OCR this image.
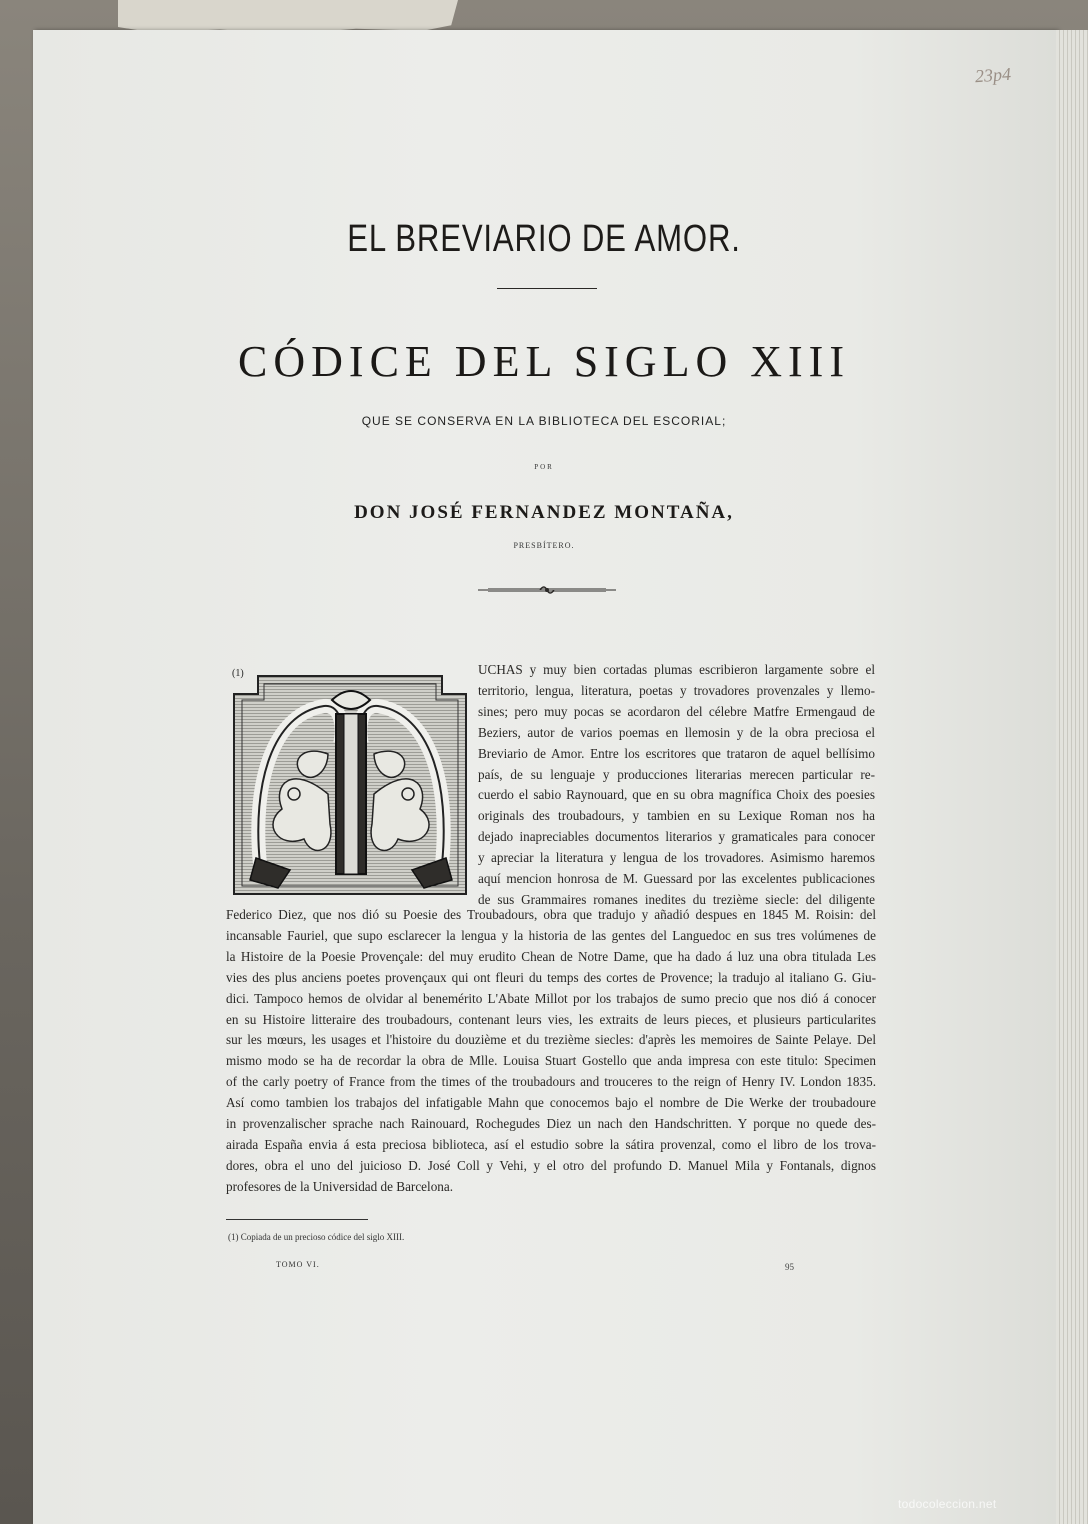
23p4
EL BREVIARIO DE AMOR.
CÓDICE DEL SIGLO XIII
QUE SE CONSERVA EN LA BIBLIOTECA DEL ESCORIAL;
POR
DON JOSÉ FERNANDEZ MONTAÑA,
PRESBÍTERO.
(1)	UCHAS y muy bien cortadas plumas escribieron largamente sobre el
territorio, lengua, literatura, poetas y trovadores provenzales y llemo-
sines; pero muy pocas se acordaron del célebre Matfre Ermengaud de
Beziers, autor de varios poemas en llemosin y de la obra preciosa el
Breviario de Amor. Entre los escritores que trataron de aquel bellísimo
país, de su lenguaje y producciones literarias merecen particular re-
cuerdo el sabio Raynouard, que en su obra magnífica Choix des poesies
originals des troubadours, y tambien en su Lexique Roman nos ha
dejado inapreciables documentos literarios y gramaticales para conocer
y apreciar la literatura y lengua de los trovadores. Asimismo haremos
aquí mencion honrosa de M. Guessard por las excelentes publicaciones
de sus Grammaires romanes inedites du trezième siecle: del diligente
Federico Diez, que nos dió su Poesie des Troubadours, obra que tradujo y añadió despues en 1845 M. Roisin: del
incansable Fauriel, que supo esclarecer la lengua y la historia de las gentes del Languedoc en sus tres volúmenes de
la Histoire de la Poesie Provençale: del muy erudito Chean de Notre Dame, que ha dado á luz una obra titulada Les
vies des plus anciens poetes provençaux qui ont fleuri du temps des cortes de Provence; la tradujo al italiano G. Giu-
dici. Tampoco hemos de olvidar al benemérito L'Abate Millot por los trabajos de sumo precio que nos dió á conocer
en su Histoire litteraire des troubadours, contenant leurs vies, les extraits de leurs pieces, et plusieurs particularites
sur les mœurs, les usages et l'histoire du douzième et du trezième siecles: d'après les memoires de Sainte Pelaye. Del
mismo modo se ha de recordar la obra de Mlle. Louisa Stuart Gostello que anda impresa con este titulo: Specimen
of the carly poetry of France from the times of the troubadours and trouceres to the reign of Henry IV. London 1835.
Así como tambien los trabajos del infatigable Mahn que conocemos bajo el nombre de Die Werke der troubadoure
in provenzalischer sprache nach Rainouard, Rochegudes Diez un nach den Handschritten. Y porque no quede des-
airada España envia á esta preciosa biblioteca, así el estudio sobre la sátira provenzal, como el libro de los trova-
dores, obra el uno del juicioso D. José Coll y Vehi, y el otro del profundo D. Manuel Mila y Fontanals, dignos
profesores de la Universidad de Barcelona.
(1) Copiada de un precioso códice del siglo XIII.
TOMO VI.	95
todocoleccion.net
